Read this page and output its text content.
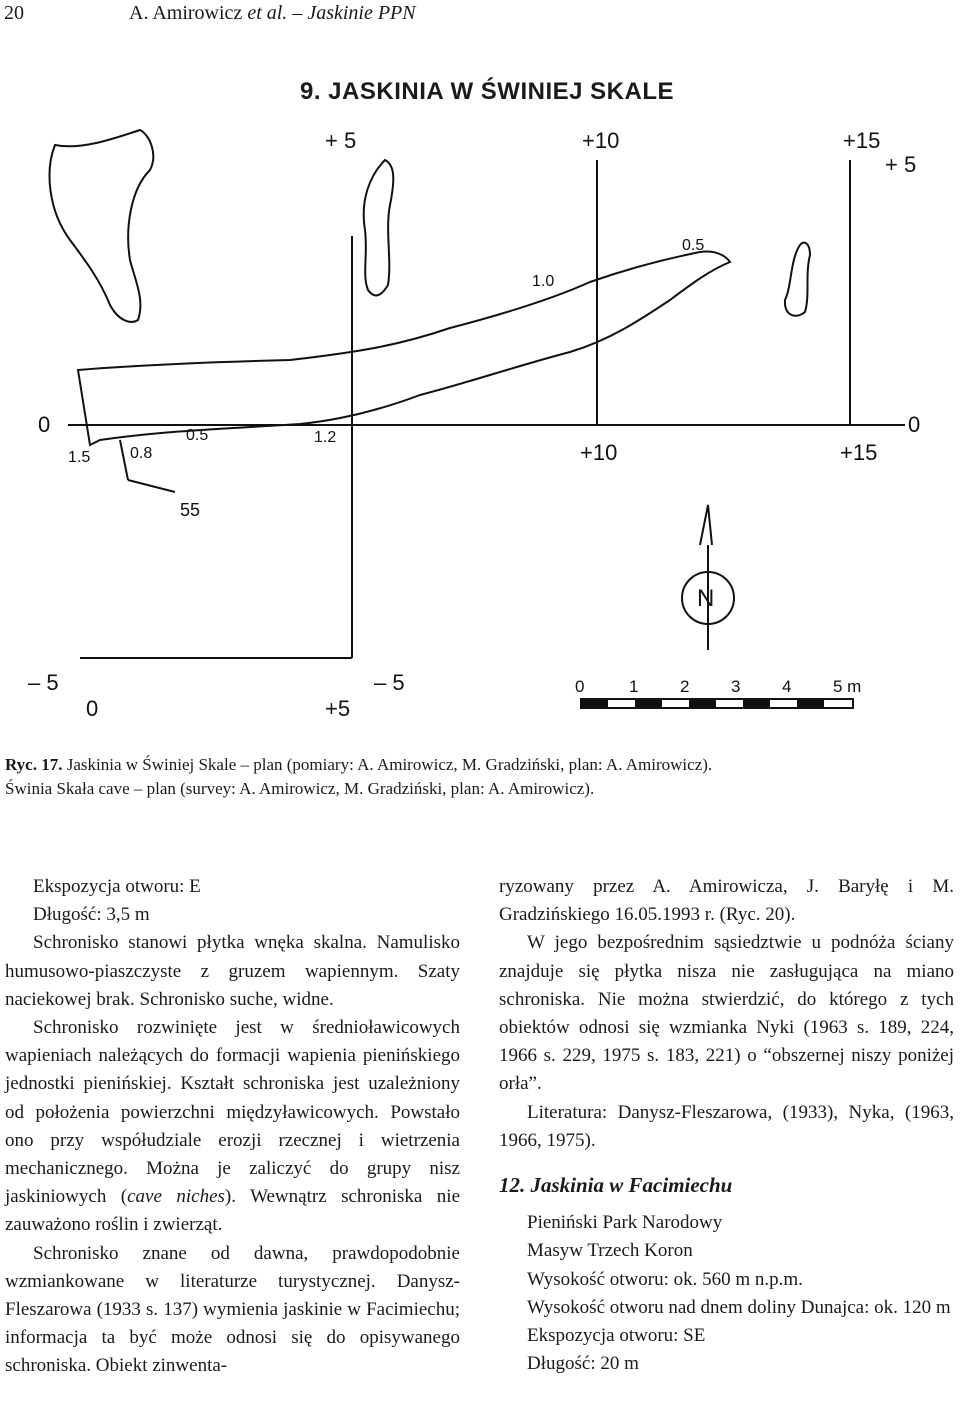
20	A. Amirowicz et al. – Jaskinie PPN
9. JASKINIA W ŚWINIEJ SKALE
+ 5	+10	+15
+ 5
0.5
1.0
0	0
1.5 0.8
0.5	1.2
+10	+15
55
N
– 5	– 5
0	+5
0	1 2 3 4 5 m
Ryc. 17. Jaskinia w Świniej Skale – plan (pomiary: A. Amirowicz, M. Gradziński, plan: A. Amirowicz).
Świnia Skała cave – plan (survey: A. Amirowicz, M. Gradziński, plan: A. Amirowicz).

Ekspozycja otworu: E

Długość: 3,5 m

Schronisko stanowi płytka wnęka skalna. Namulisko humusowo-piaszczyste z gruzem wapiennym. Szaty naciekowej brak. Schronisko suche, widne.

Schronisko rozwinięte jest w średnioławicowych wapieniach należących do formacji wapienia pienińskiego jednostki pienińskiej. Kształt schroniska jest uzależniony od położenia powierzchni międzyławicowych. Powstało ono przy współudziale erozji rzecznej i wietrzenia mechanicznego. Można je zaliczyć do grupy nisz jaskiniowych (cave niches). Wewnątrz schroniska nie zauważono roślin i zwierząt.

Schronisko znane od dawna, prawdopodobnie wzmiankowane w literaturze turystycznej. Danysz-Fleszarowa (1933 s. 137) wymienia jaskinie w Facimiechu; informacja ta być może odnosi się do opisywanego schroniska. Obiekt zinwenta-

ryzowany przez A. Amirowicza, J. Baryłę i M. Gradzińskiego 16.05.1993 r. (Ryc. 20).

W jego bezpośrednim sąsiedztwie u podnóża ściany znajduje się płytka nisza nie zasługująca na miano schroniska. Nie można stwierdzić, do którego z tych obiektów odnosi się wzmianka Nyki (1963 s. 189, 224, 1966 s. 229, 1975 s. 183, 221) o “obszernej niszy poniżej orła”.

Literatura: Danysz-Fleszarowa, (1933), Nyka, (1963, 1966, 1975).

12. Jaskinia w Facimiechu

Pieniński Park Narodowy

Masyw Trzech Koron

Wysokość otworu: ok. 560 m n.p.m.

Wysokość otworu nad dnem doliny Dunajca: ok. 120 m

Ekspozycja otworu: SE

Długość: 20 m
